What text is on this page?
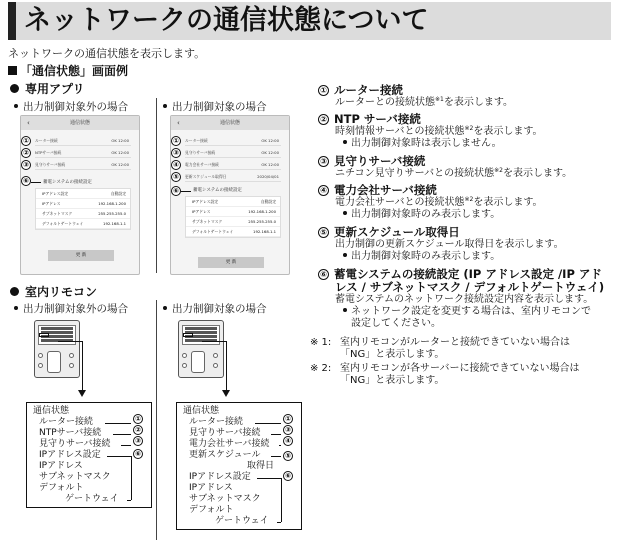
ネットワークの通信状態について
ネットワークの通信状態を表示します。
「通信状態」画面例
専用アプリ
出力制御対象外の場合	出力制御対象の場合
‹	通信状態
ルーター接続	OK 12:00
NTPサーバ接続	OK 12:00
見守りサーバ接続	OK 12:00
蓄電システムの接続設定
IPアドレス設定	自動設定
IPアドレス	192.168.1.200
サブネットマスク	255.255.255.0
デフォルトゲートウェイ	192.168.1.1
更 新
①
②
③
⑥
‹	通信状態
ルーター接続	OK 12:00
見守りサーバ接続	OK 12:00
電力会社サーバ接続	OK 12:00
更新スケジュール取得日	2020/04/01
蓄電システムの接続設定
IPアドレス設定	自動設定
IPアドレス	192.168.1.200
サブネットマスク	255.255.255.0
デフォルトゲートウェイ	192.168.1.1
更 新
①
③
④
⑤
⑥
室内リモコン
出力制御対象外の場合	出力制御対象の場合
通信状態
ルーター接続
NTPサーバ接続
見守りサーバ接続
IPアドレス設定
IPアドレス
サブネットマスク
デフォルト
ゲートウェイ
①
②
③
⑥
通信状態
ルーター接続
見守りサーバ接続
電力会社サーバ接続
更新スケジュール
取得日
IPアドレス設定
IPアドレス
サブネットマスク
デフォルト
ゲートウェイ
①
③
④
⑤
⑥
① ルーター接続
ルーターとの接続状態$^{※1}$を表示します。
② NTP サーバ接続
時刻情報サーバとの接続状態$^{※2}$を表示します。
出力制御対象時は表示しません。
③ 見守りサーバ接続
ニチコン見守りサーバとの接続状態$^{※2}$を表示します。
④ 電力会社サーバ接続
電力会社サーバとの接続状態$^{※2}$を表示します。
出力制御対象時のみ表示します。
⑤ 更新スケジュール取得日
出力制御の更新スケジュール取得日を表示します。
出力制御対象時のみ表示します。
⑥ 蓄電システムの接続設定 (IP アドレス設定 /IP アド
レス / サブネットマスク / デフォルトゲートウェイ)
蓄電システムのネットワーク接続設定内容を表示します。
ネットワーク設定を変更する場合は、室内リモコンで
設定してください。
※ 1: 室内リモコンがルーターと接続できていない場合は
「NG」と表示します。
※ 2: 室内リモコンが各サーバーに接続できていない場合は
「NG」と表示します。
